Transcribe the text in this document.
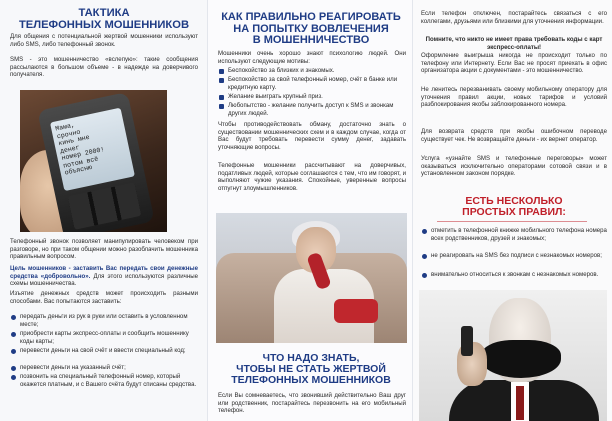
ТАКТИКА
ТЕЛЕФОННЫХ МОШЕННИКОВ
Для общения с потенциальной жертвой мошенники используют либо SMS, либо телефонный звонок.
SMS - это мошенничество «вслепую»: такие сообщения рассылаются в большом объеме - в надежде на доверчивого получателя.
Мама,
срочно
кинь мне
денег
номер 2000!
потом всё
объясню
Телефонный звонок позволяет манипулировать человеком при разговоре, но при таком общении можно разоблачить мошенника правильным вопросом.
Цель мошенников - заставить Вас передать свои денежные средства «добровольно». Для этого используются различные схемы мошенничества.
Изъятие денежных средств может происходить разными способами. Вас попытаются заставить:
передать деньги из рук в руки или оставить в условленном месте;
приобрести карты экспресс-оплаты и сообщить мошеннику коды карты;
перевести деньги на свой счёт и ввести специальный код;
перевести деньги на указанный счёт;
позвонить на специальный телефонный номер, который окажется платным, и с Вашего счёта будут списаны средства.
КАК ПРАВИЛЬНО РЕАГИРОВАТЬ
НА ПОПЫТКУ ВОВЛЕЧЕНИЯ
В МОШЕННИЧЕСТВО
Мошенники очень хорошо знают психологию людей. Они используют следующие мотивы:
Беспокойство за близких и знакомых.
Беспокойство за свой телефонный номер, счёт в банке или кредитную карту.
Желание выиграть крупный приз.
Любопытство - желание получить доступ к SMS и звонкам других людей.
Чтобы противодействовать обману, достаточно знать о существовании мошеннических схем и в каждом случае, когда от Вас будут требовать перевести сумму денег, задавать уточняющие вопросы.
Телефонные мошенники рассчитывают на доверчивых, податливых людей, которые соглашаются с тем, что им говорят, и выполняют чужие указания. Спокойные, уверенные вопросы отпугнут злоумышленников.
ЧТО НАДО ЗНАТЬ,
ЧТОБЫ НЕ СТАТЬ ЖЕРТВОЙ
ТЕЛЕФОННЫХ МОШЕННИКОВ
Если Вы сомневаетесь, что звонивший действительно Ваш друг или родственник, постарайтесь перезвонить на его мобильный телефон.
Если телефон отключен, постарайтесь связаться с его коллегами, друзьями или близкими для уточнения информации.
Помните, что никто не имеет права требовать коды с карт экспресс-оплаты!
Оформление выигрыша никогда не происходит только по телефону или Интернету. Если Вас не просят приехать в офис организатора акции с документами - это мошенничество.
Не ленитесь перезванивать своему мобильному оператору для уточнения правил акции, новых тарифов и условий разблокирования якобы заблокированного номера.
Для возврата средств при якобы ошибочном переводе существует чек. Не возвращайте деньги - их вернет оператор.
Услуга «узнайте SMS и телефонные переговоры» может оказываться исключительно операторами сотовой связи и в установленном законом порядке.
ЕСТЬ НЕСКОЛЬКО
ПРОСТЫХ ПРАВИЛ:
отметить в телефонной книжке мобильного телефона номера всех родственников, друзей и знакомых;
не реагировать на SMS без подписи с незнакомых номеров;
внимательно относиться к звонкам с незнакомых номеров.
